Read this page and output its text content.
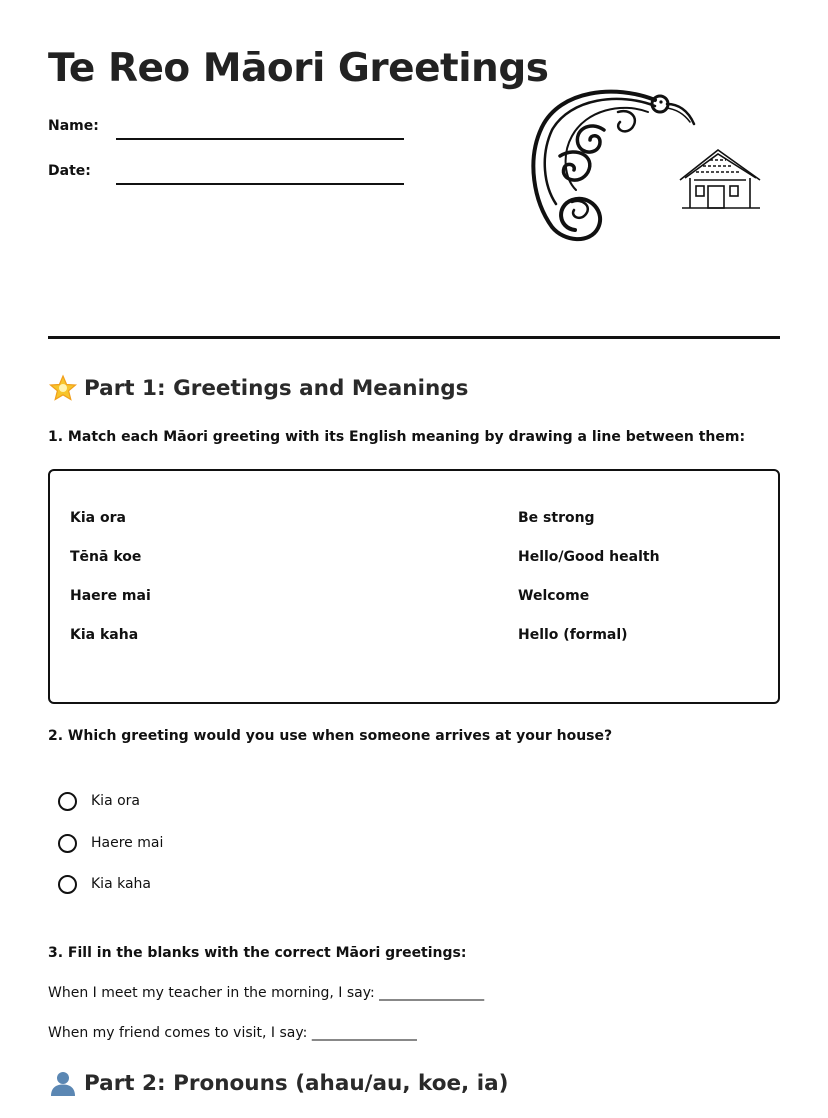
Te Reo Māori Greetings
Name:
Date:
Part 1: Greetings and Meanings

1. Match each Māori greeting with its English meaning by drawing a line between them:

Kia ora
Tēnā koe
Haere mai
Kia kaha
Be strong
Hello/Good health
Welcome
Hello (formal)

2. Which greeting would you use when someone arrives at your house?

Kia ora
Haere mai
Kia kaha

3. Fill in the blanks with the correct Māori greetings:

When I meet my teacher in the morning, I say: _______________

When my friend comes to visit, I say: _______________

Part 2: Pronouns (ahau/au, koe, ia)
